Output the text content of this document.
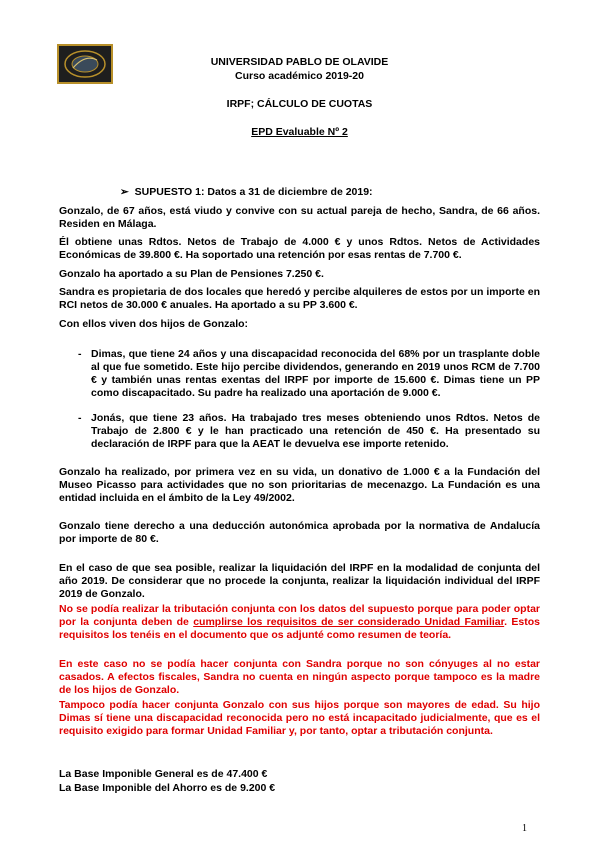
UNIVERSIDAD PABLO DE OLAVIDE
Curso académico 2019-20
IRPF; CÁLCULO DE CUOTAS
EPD Evaluable Nº 2
➢ SUPUESTO 1: Datos a 31 de diciembre de 2019:

Gonzalo, de 67 años, está viudo y convive con su actual pareja de hecho, Sandra, de 66 años. Residen en Málaga.

Él obtiene unas Rdtos. Netos de Trabajo de 4.000 € y unos Rdtos. Netos de Actividades Económicas de 39.800 €. Ha soportado una retención por esas rentas de 7.700 €.

Gonzalo ha aportado a su Plan de Pensiones 7.250 €.

Sandra es propietaria de dos locales que heredó y percibe alquileres de estos por un importe en RCI netos de 30.000 € anuales. Ha aportado a su PP 3.600 €.

Con ellos viven dos hijos de Gonzalo:

- Dimas, que tiene 24 años y una discapacidad reconocida del 68% por un trasplante doble al que fue sometido. Este hijo percibe dividendos, generando en 2019 unos RCM de 7.700 € y también unas rentas exentas del IRPF por importe de 15.600 €. Dimas tiene un PP como discapacitado. Su padre ha realizado una aportación de 9.000 €.
- Jonás, que tiene 23 años. Ha trabajado tres meses obteniendo unos Rdtos. Netos de Trabajo de 2.800 € y le han practicado una retención de 450 €. Ha presentado su declaración de IRPF para que la AEAT le devuelva ese importe retenido.

Gonzalo ha realizado, por primera vez en su vida, un donativo de 1.000 € a la Fundación del Museo Picasso para actividades que no son prioritarias de mecenazgo. La Fundación es una entidad incluida en el ámbito de la Ley 49/2002.

Gonzalo tiene derecho a una deducción autonómica aprobada por la normativa de Andalucía por importe de 80 €.

En el caso de que sea posible, realizar la liquidación del IRPF en la modalidad de conjunta del año 2019. De considerar que no procede la conjunta, realizar la liquidación individual del IRPF 2019 de Gonzalo.

No se podía realizar la tributación conjunta con los datos del supuesto porque para poder optar por la conjunta deben de cumplirse los requisitos de ser considerado Unidad Familiar. Estos requisitos los tenéis en el documento que os adjunté como resumen de teoría.

En este caso no se podía hacer conjunta con Sandra porque no son cónyuges al no estar casados. A efectos fiscales, Sandra no cuenta en ningún aspecto porque tampoco es la madre de los hijos de Gonzalo.

Tampoco podía hacer conjunta Gonzalo con sus hijos porque son mayores de edad. Su hijo Dimas sí tiene una discapacidad reconocida pero no está incapacitado judicialmente, que es el requisito exigido para formar Unidad Familiar y, por tanto, optar a tributación conjunta.

La Base Imponible General es de 47.400 €
La Base Imponible del Ahorro es de 9.200 €
1
